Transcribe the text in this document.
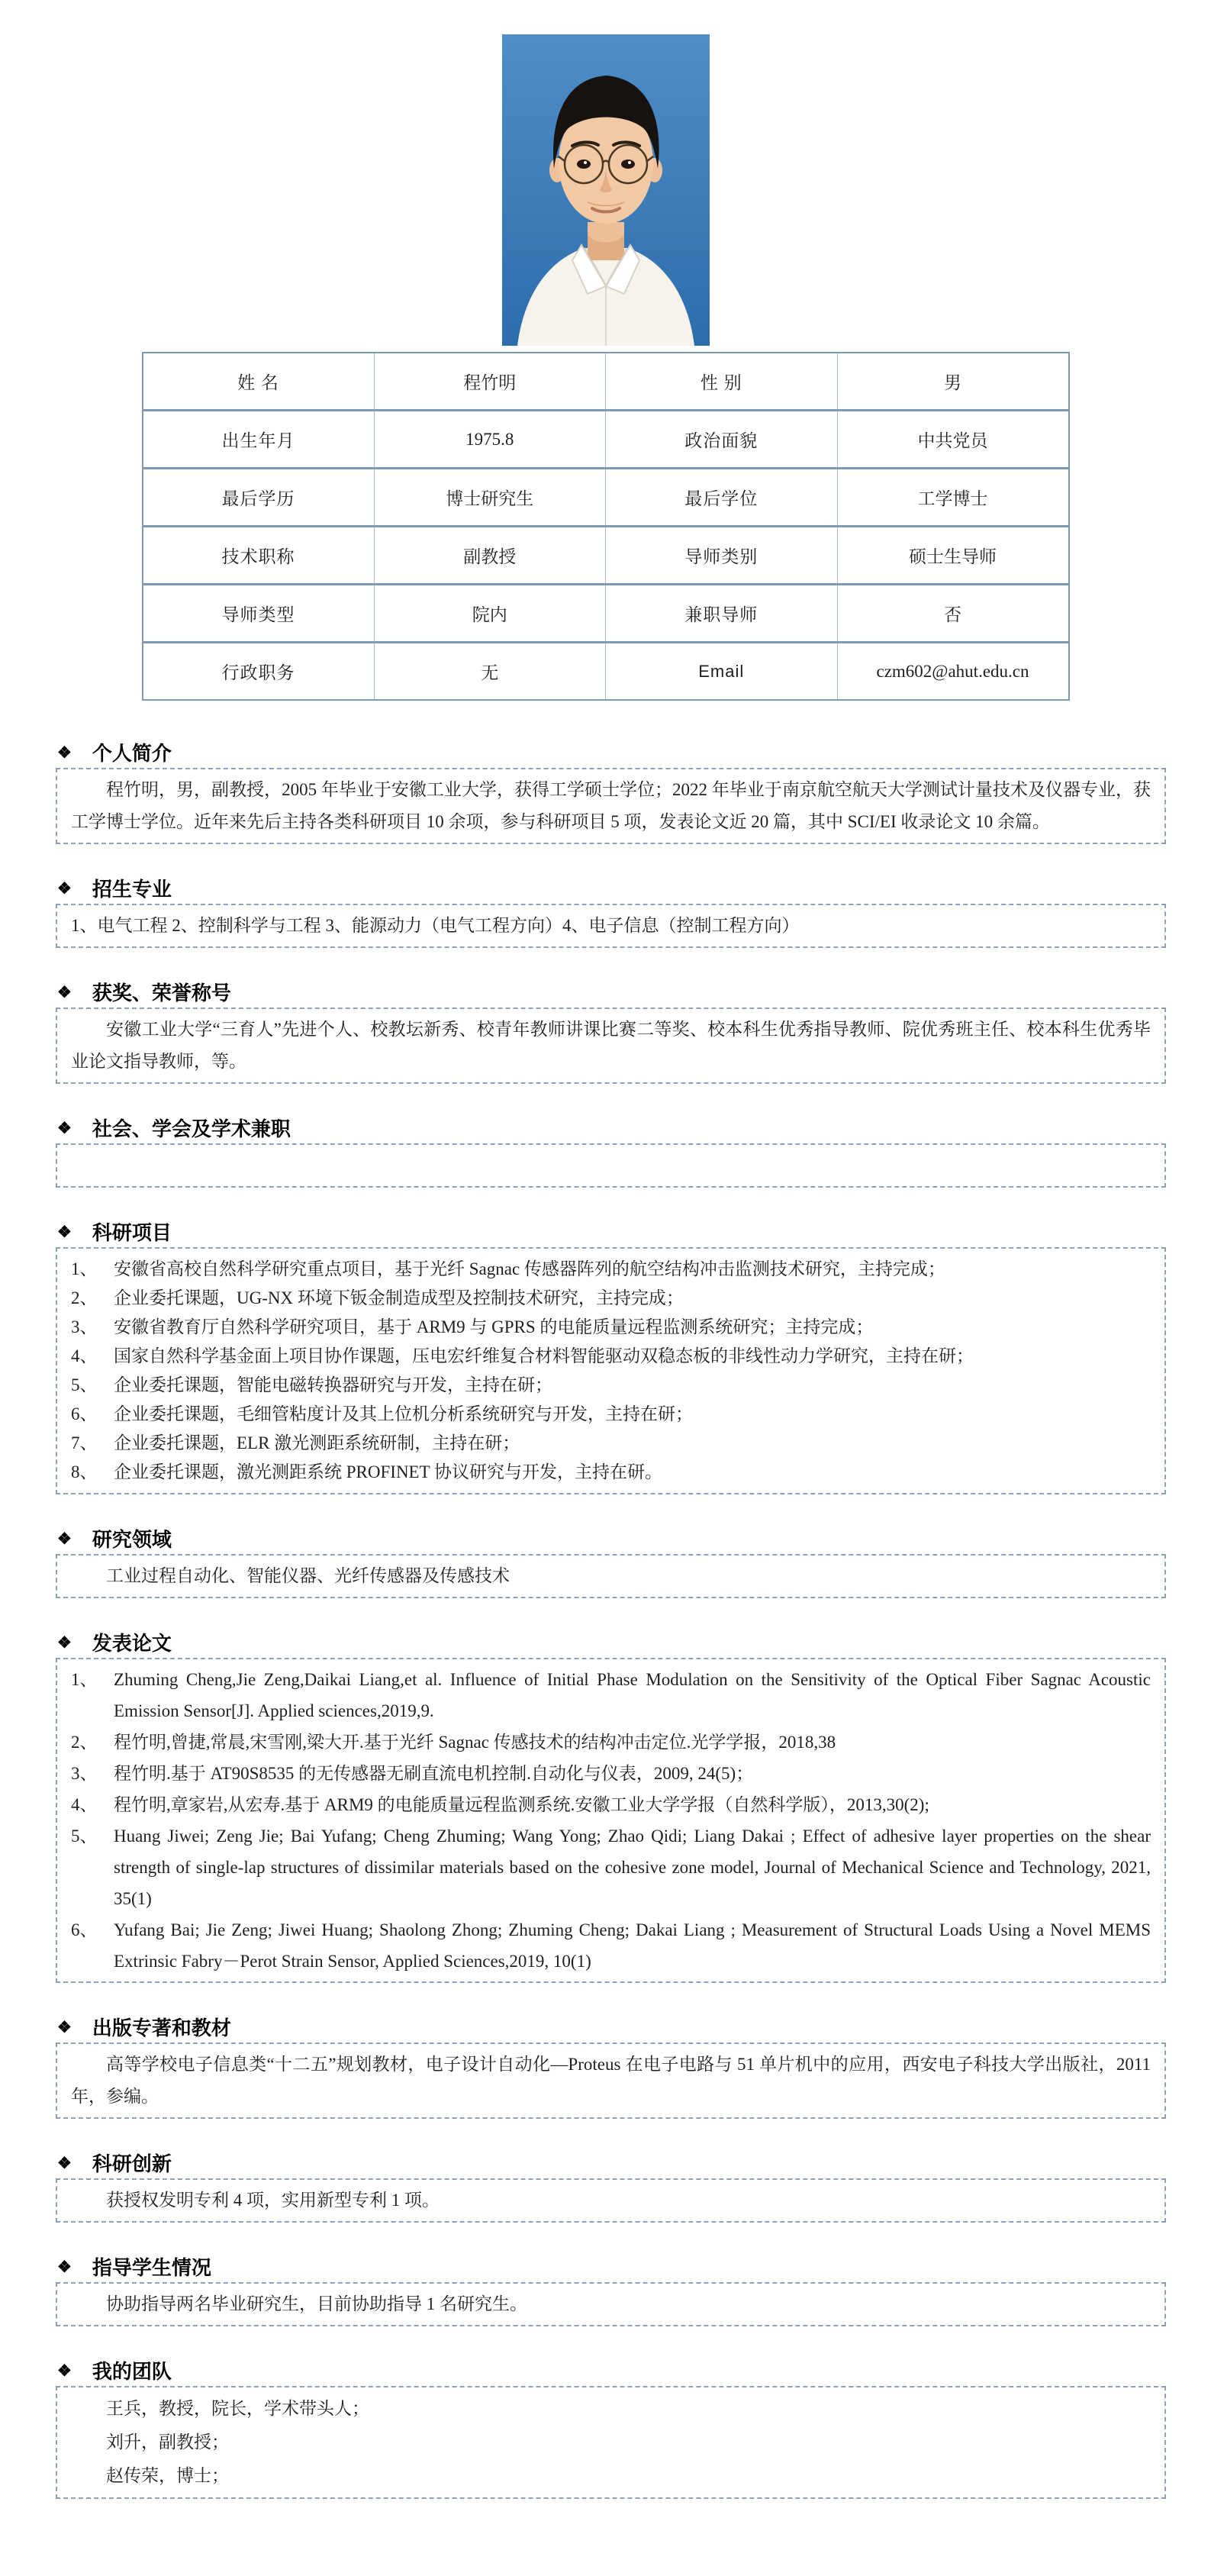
姓 名	程竹明	性 别	男
出生年月	1975.8	政治面貌	中共党员
最后学历	博士研究生	最后学位	工学博士
技术职称	副教授	导师类别	硕士生导师
导师类型	院内	兼职导师	否
行政职务	无	Email	czm602@ahut.edu.cn
❖ 个人简介

程竹明，男，副教授，2005 年毕业于安徽工业大学，获得工学硕士学位；2022 年毕业于南京航空航天大学测试计量技术及仪器专业，获工学博士学位。近年来先后主持各类科研项目 10 余项，参与科研项目 5 项，发表论文近 20 篇，其中 SCI/EI 收录论文 10 余篇。

❖ 招生专业

1、电气工程 2、控制科学与工程 3、能源动力（电气工程方向）4、电子信息（控制工程方向）

❖ 获奖、荣誉称号

安徽工业大学“三育人”先进个人、校教坛新秀、校青年教师讲课比赛二等奖、校本科生优秀指导教师、院优秀班主任、校本科生优秀毕业论文指导教师，等。

❖ 社会、学会及学术兼职
❖ 科研项目
1、 安徽省高校自然科学研究重点项目，基于光纤 Sagnac 传感器阵列的航空结构冲击监测技术研究，主持完成；
2、 企业委托课题，UG-NX 环境下钣金制造成型及控制技术研究，主持完成；
3、 安徽省教育厅自然科学研究项目，基于 ARM9 与 GPRS 的电能质量远程监测系统研究；主持完成；
4、 国家自然科学基金面上项目协作课题，压电宏纤维复合材料智能驱动双稳态板的非线性动力学研究，主持在研；
5、 企业委托课题，智能电磁转换器研究与开发，主持在研；
6、 企业委托课题，毛细管粘度计及其上位机分析系统研究与开发，主持在研；
7、 企业委托课题，ELR 激光测距系统研制，主持在研；
8、 企业委托课题，激光测距系统 PROFINET 协议研究与开发，主持在研。
❖ 研究领域

工业过程自动化、智能仪器、光纤传感器及传感技术

❖ 发表论文
1、 Zhuming Cheng,Jie Zeng,Daikai Liang,et al. Influence of Initial Phase Modulation on the Sensitivity of the Optical Fiber Sagnac Acoustic Emission Sensor[J]. Applied sciences,2019,9.
2、 程竹明,曾捷,常晨,宋雪刚,梁大开.基于光纤 Sagnac 传感技术的结构冲击定位.光学学报，2018,38
3、 程竹明.基于 AT90S8535 的无传感器无刷直流电机控制.自动化与仪表，2009, 24(5)；
4、 程竹明,章家岩,从宏寿.基于 ARM9 的电能质量远程监测系统.安徽工业大学学报（自然科学版），2013,30(2);
5、 Huang Jiwei; Zeng Jie; Bai Yufang; Cheng Zhuming; Wang Yong; Zhao Qidi; Liang Dakai ; Effect of adhesive layer properties on the shear strength of single-lap structures of dissimilar materials based on the cohesive zone model, Journal of Mechanical Science and Technology, 2021, 35(1)
6、 Yufang Bai; Jie Zeng; Jiwei Huang; Shaolong Zhong; Zhuming Cheng; Dakai Liang ; Measurement of Structural Loads Using a Novel MEMS Extrinsic Fabry－Perot Strain Sensor, Applied Sciences,2019, 10(1)
❖ 出版专著和教材

高等学校电子信息类“十二五”规划教材，电子设计自动化—Proteus 在电子电路与 51 单片机中的应用，西安电子科技大学出版社，2011 年，参编。

❖ 科研创新

获授权发明专利 4 项，实用新型专利 1 项。

❖ 指导学生情况

协助指导两名毕业研究生，目前协助指导 1 名研究生。

❖ 我的团队

王兵，教授，院长，学术带头人；

刘升，副教授；

赵传荣，博士；
